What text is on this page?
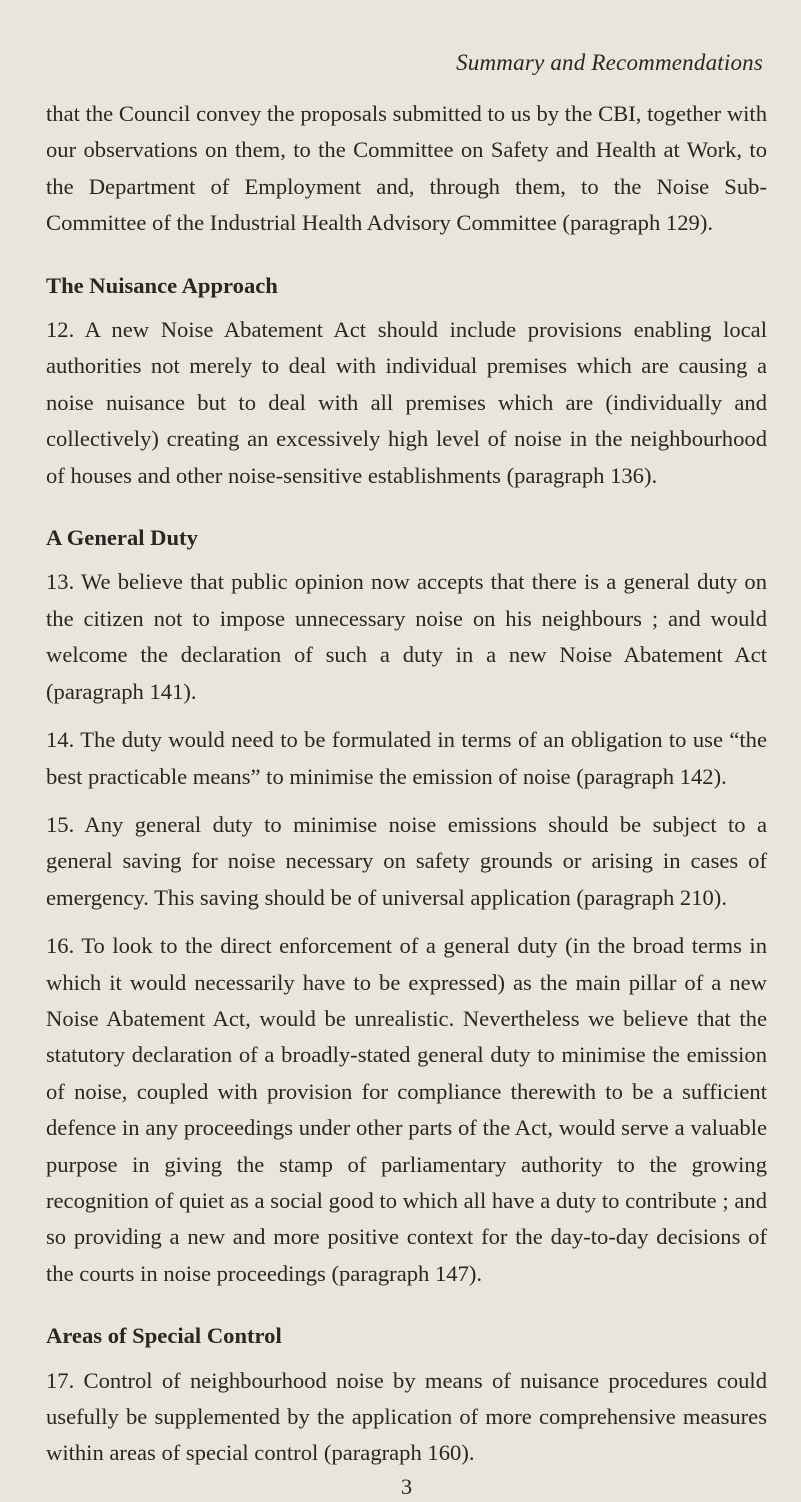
Summary and Recommendations

that the Council convey the proposals submitted to us by the CBI, together with our observations on them, to the Committee on Safety and Health at Work, to the Department of Employment and, through them, to the Noise Sub-Committee of the Industrial Health Advisory Committee (paragraph 129).

The Nuisance Approach

12. A new Noise Abatement Act should include provisions enabling local authorities not merely to deal with individual premises which are causing a noise nuisance but to deal with all premises which are (individually and collectively) creating an excessively high level of noise in the neighbourhood of houses and other noise-sensitive establishments (paragraph 136).

A General Duty

13. We believe that public opinion now accepts that there is a general duty on the citizen not to impose unnecessary noise on his neighbours ; and would welcome the declaration of such a duty in a new Noise Abatement Act (paragraph 141).

14. The duty would need to be formulated in terms of an obligation to use “the best practicable means” to minimise the emission of noise (paragraph 142).

15. Any general duty to minimise noise emissions should be subject to a general saving for noise necessary on safety grounds or arising in cases of emergency. This saving should be of universal application (paragraph 210).

16. To look to the direct enforcement of a general duty (in the broad terms in which it would necessarily have to be expressed) as the main pillar of a new Noise Abatement Act, would be unrealistic. Nevertheless we believe that the statutory declaration of a broadly-stated general duty to minimise the emission of noise, coupled with provision for compliance therewith to be a sufficient defence in any proceedings under other parts of the Act, would serve a valuable purpose in giving the stamp of parliamentary authority to the growing recognition of quiet as a social good to which all have a duty to contribute ; and so providing a new and more positive context for the day-to-day decisions of the courts in noise proceedings (paragraph 147).

Areas of Special Control

17. Control of neighbourhood noise by means of nuisance procedures could usefully be supplemented by the application of more comprehensive measures within areas of special control (paragraph 160).

3
